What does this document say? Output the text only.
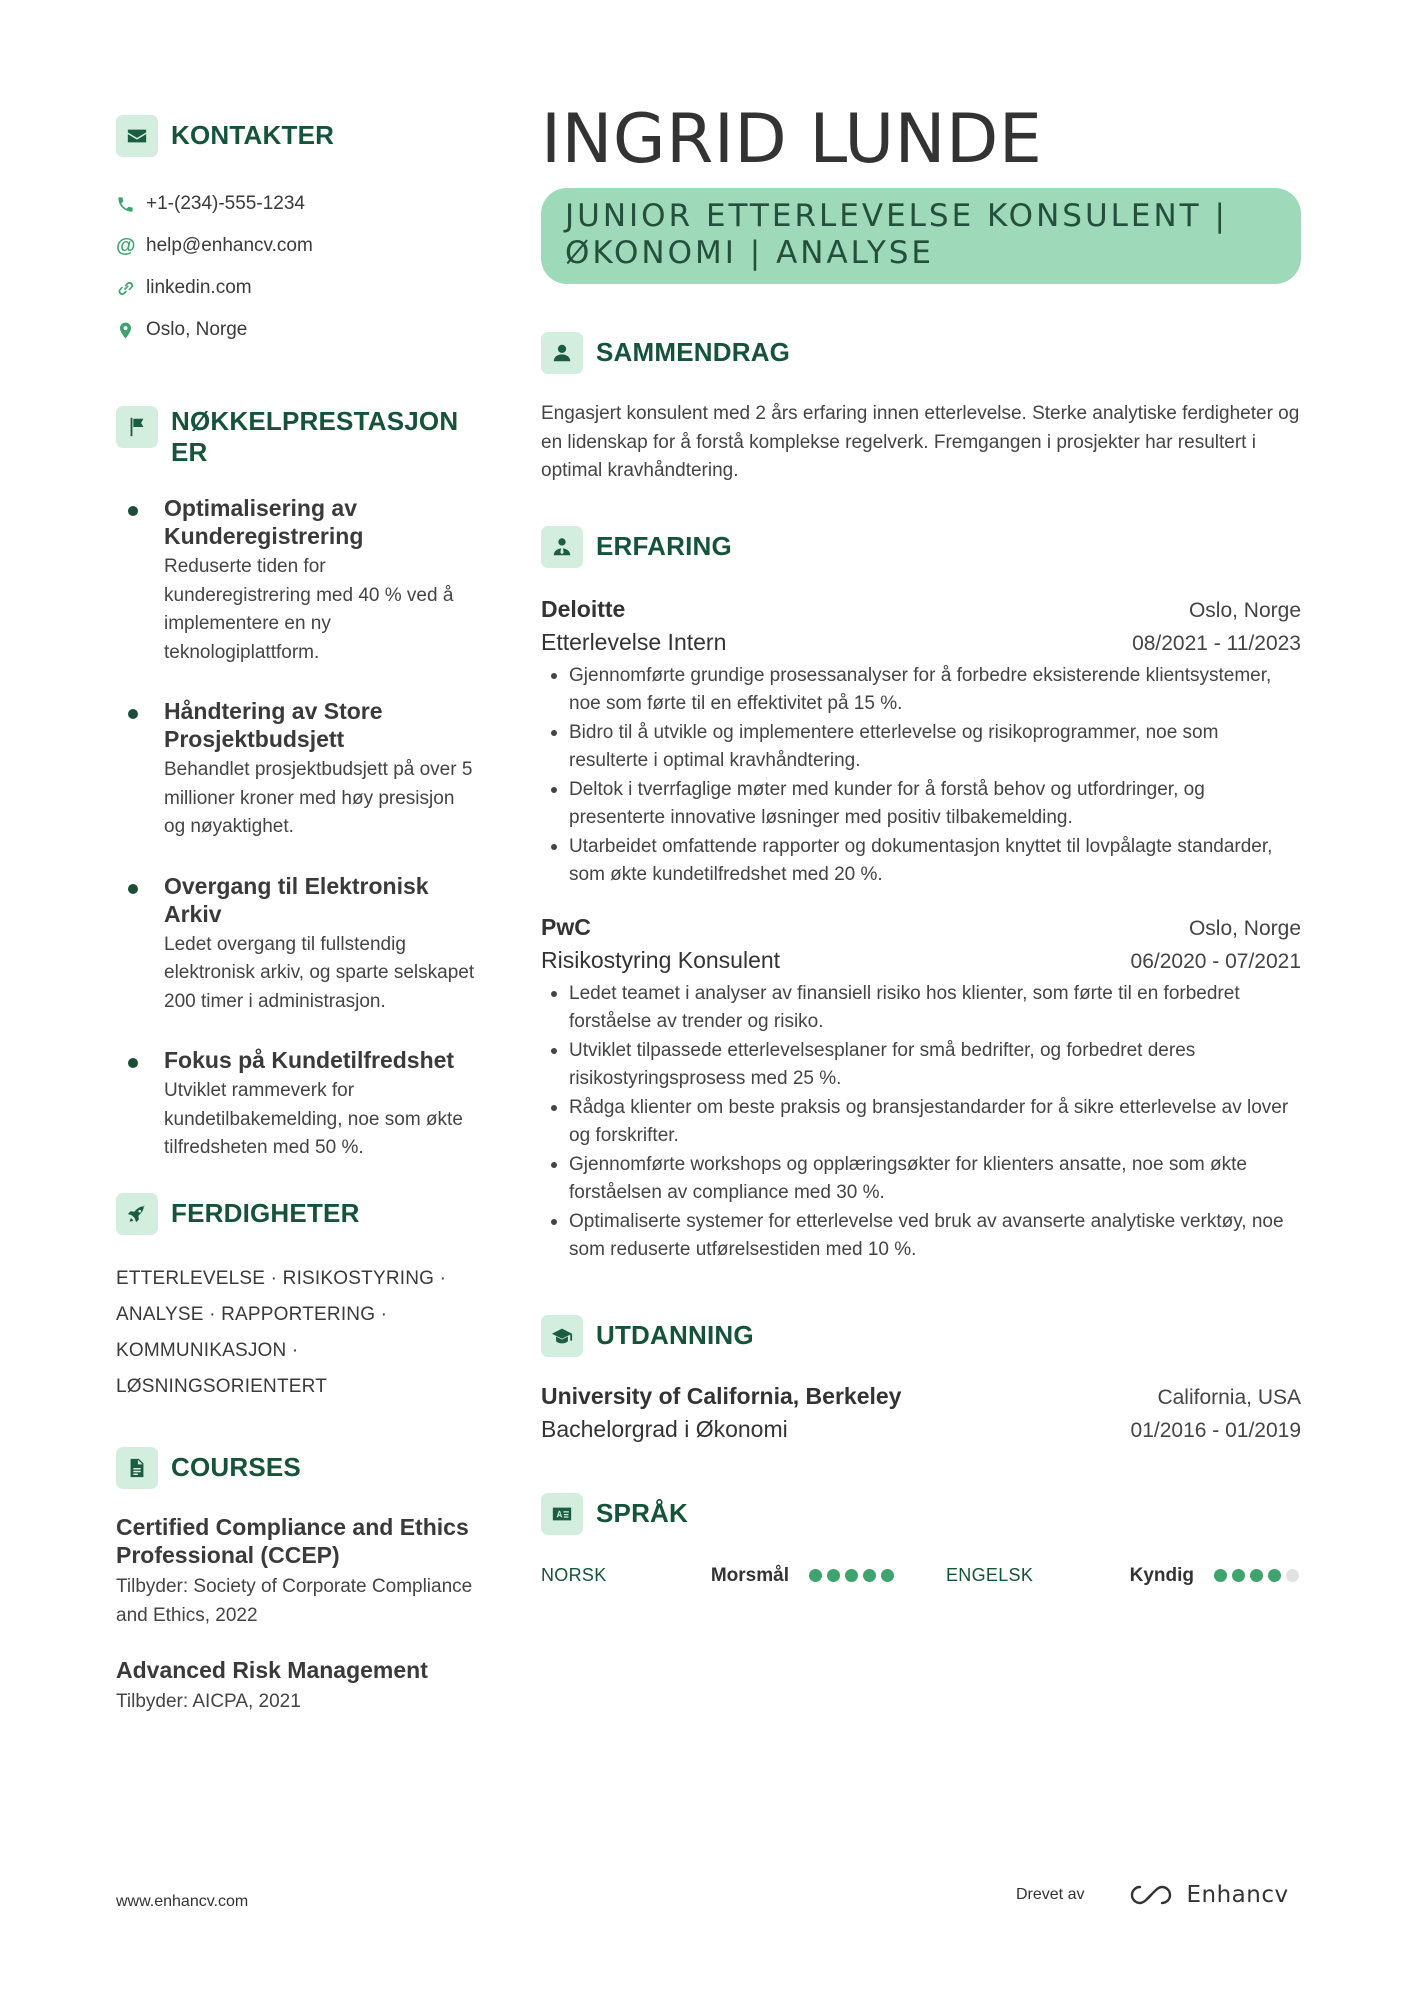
KONTAKTER
+1-(234)-555-1234
@ help@enhancv.com
linkedin.com
Oslo, Norge
NØKKELPRESTASJON ER
Optimalisering av Kunderegistrering
Reduserte tiden for kunderegistrering med 40 % ved å implementere en ny teknologiplattform.
Håndtering av Store Prosjektbudsjett
Behandlet prosjektbudsjett på over 5 millioner kroner med høy presisjon og nøyaktighet.
Overgang til Elektronisk Arkiv
Ledet overgang til fullstendig elektronisk arkiv, og sparte selskapet 200 timer i administrasjon.
Fokus på Kundetilfredshet
Utviklet rammeverk for kundetilbakemelding, noe som økte tilfredsheten med 50 %.
FERDIGHETER
ETTERLEVELSE · RISIKOSTYRING · ANALYSE · RAPPORTERING · KOMMUNIKASJON · LØSNINGSORIENTERT
COURSES
Certified Compliance and Ethics Professional (CCEP)
Tilbyder: Society of Corporate Compliance and Ethics, 2022
Advanced Risk Management
Tilbyder: AICPA, 2021
INGRID LUNDE
JUNIOR ETTERLEVELSE KONSULENT | ØKONOMI | ANALYSE
SAMMENDRAG
Engasjert konsulent med 2 års erfaring innen etterlevelse. Sterke analytiske ferdigheter og en lidenskap for å forstå komplekse regelverk. Fremgangen i prosjekter har resultert i optimal kravhåndtering.
ERFARING
Deloitte	Oslo, Norge
Etterlevelse Intern	08/2021 - 11/2023
Gjennomførte grundige prosessanalyser for å forbedre eksisterende klientsystemer, noe som førte til en effektivitet på 15 %.
Bidro til å utvikle og implementere etterlevelse og risikoprogrammer, noe som resulterte i optimal kravhåndtering.
Deltok i tverrfaglige møter med kunder for å forstå behov og utfordringer, og presenterte innovative løsninger med positiv tilbakemelding.
Utarbeidet omfattende rapporter og dokumentasjon knyttet til lovpålagte standarder, som økte kundetilfredshet med 20 %.
PwC	Oslo, Norge
Risikostyring Konsulent	06/2020 - 07/2021
Ledet teamet i analyser av finansiell risiko hos klienter, som førte til en forbedret forståelse av trender og risiko.
Utviklet tilpassede etterlevelsesplaner for små bedrifter, og forbedret deres risikostyringsprosess med 25 %.
Rådga klienter om beste praksis og bransjestandarder for å sikre etterlevelse av lover og forskrifter.
Gjennomførte workshops og opplæringsøkter for klienters ansatte, noe som økte forståelsen av compliance med 30 %.
Optimaliserte systemer for etterlevelse ved bruk av avanserte analytiske verktøy, noe som reduserte utførelsestiden med 10 %.
UTDANNING
University of California, Berkeley	California, USA
Bachelorgrad i Økonomi	01/2016 - 01/2019
SPRÅK
NORSK	Morsmål	ENGELSK	Kyndig
www.enhancv.com	Drevet av	Enhancv
